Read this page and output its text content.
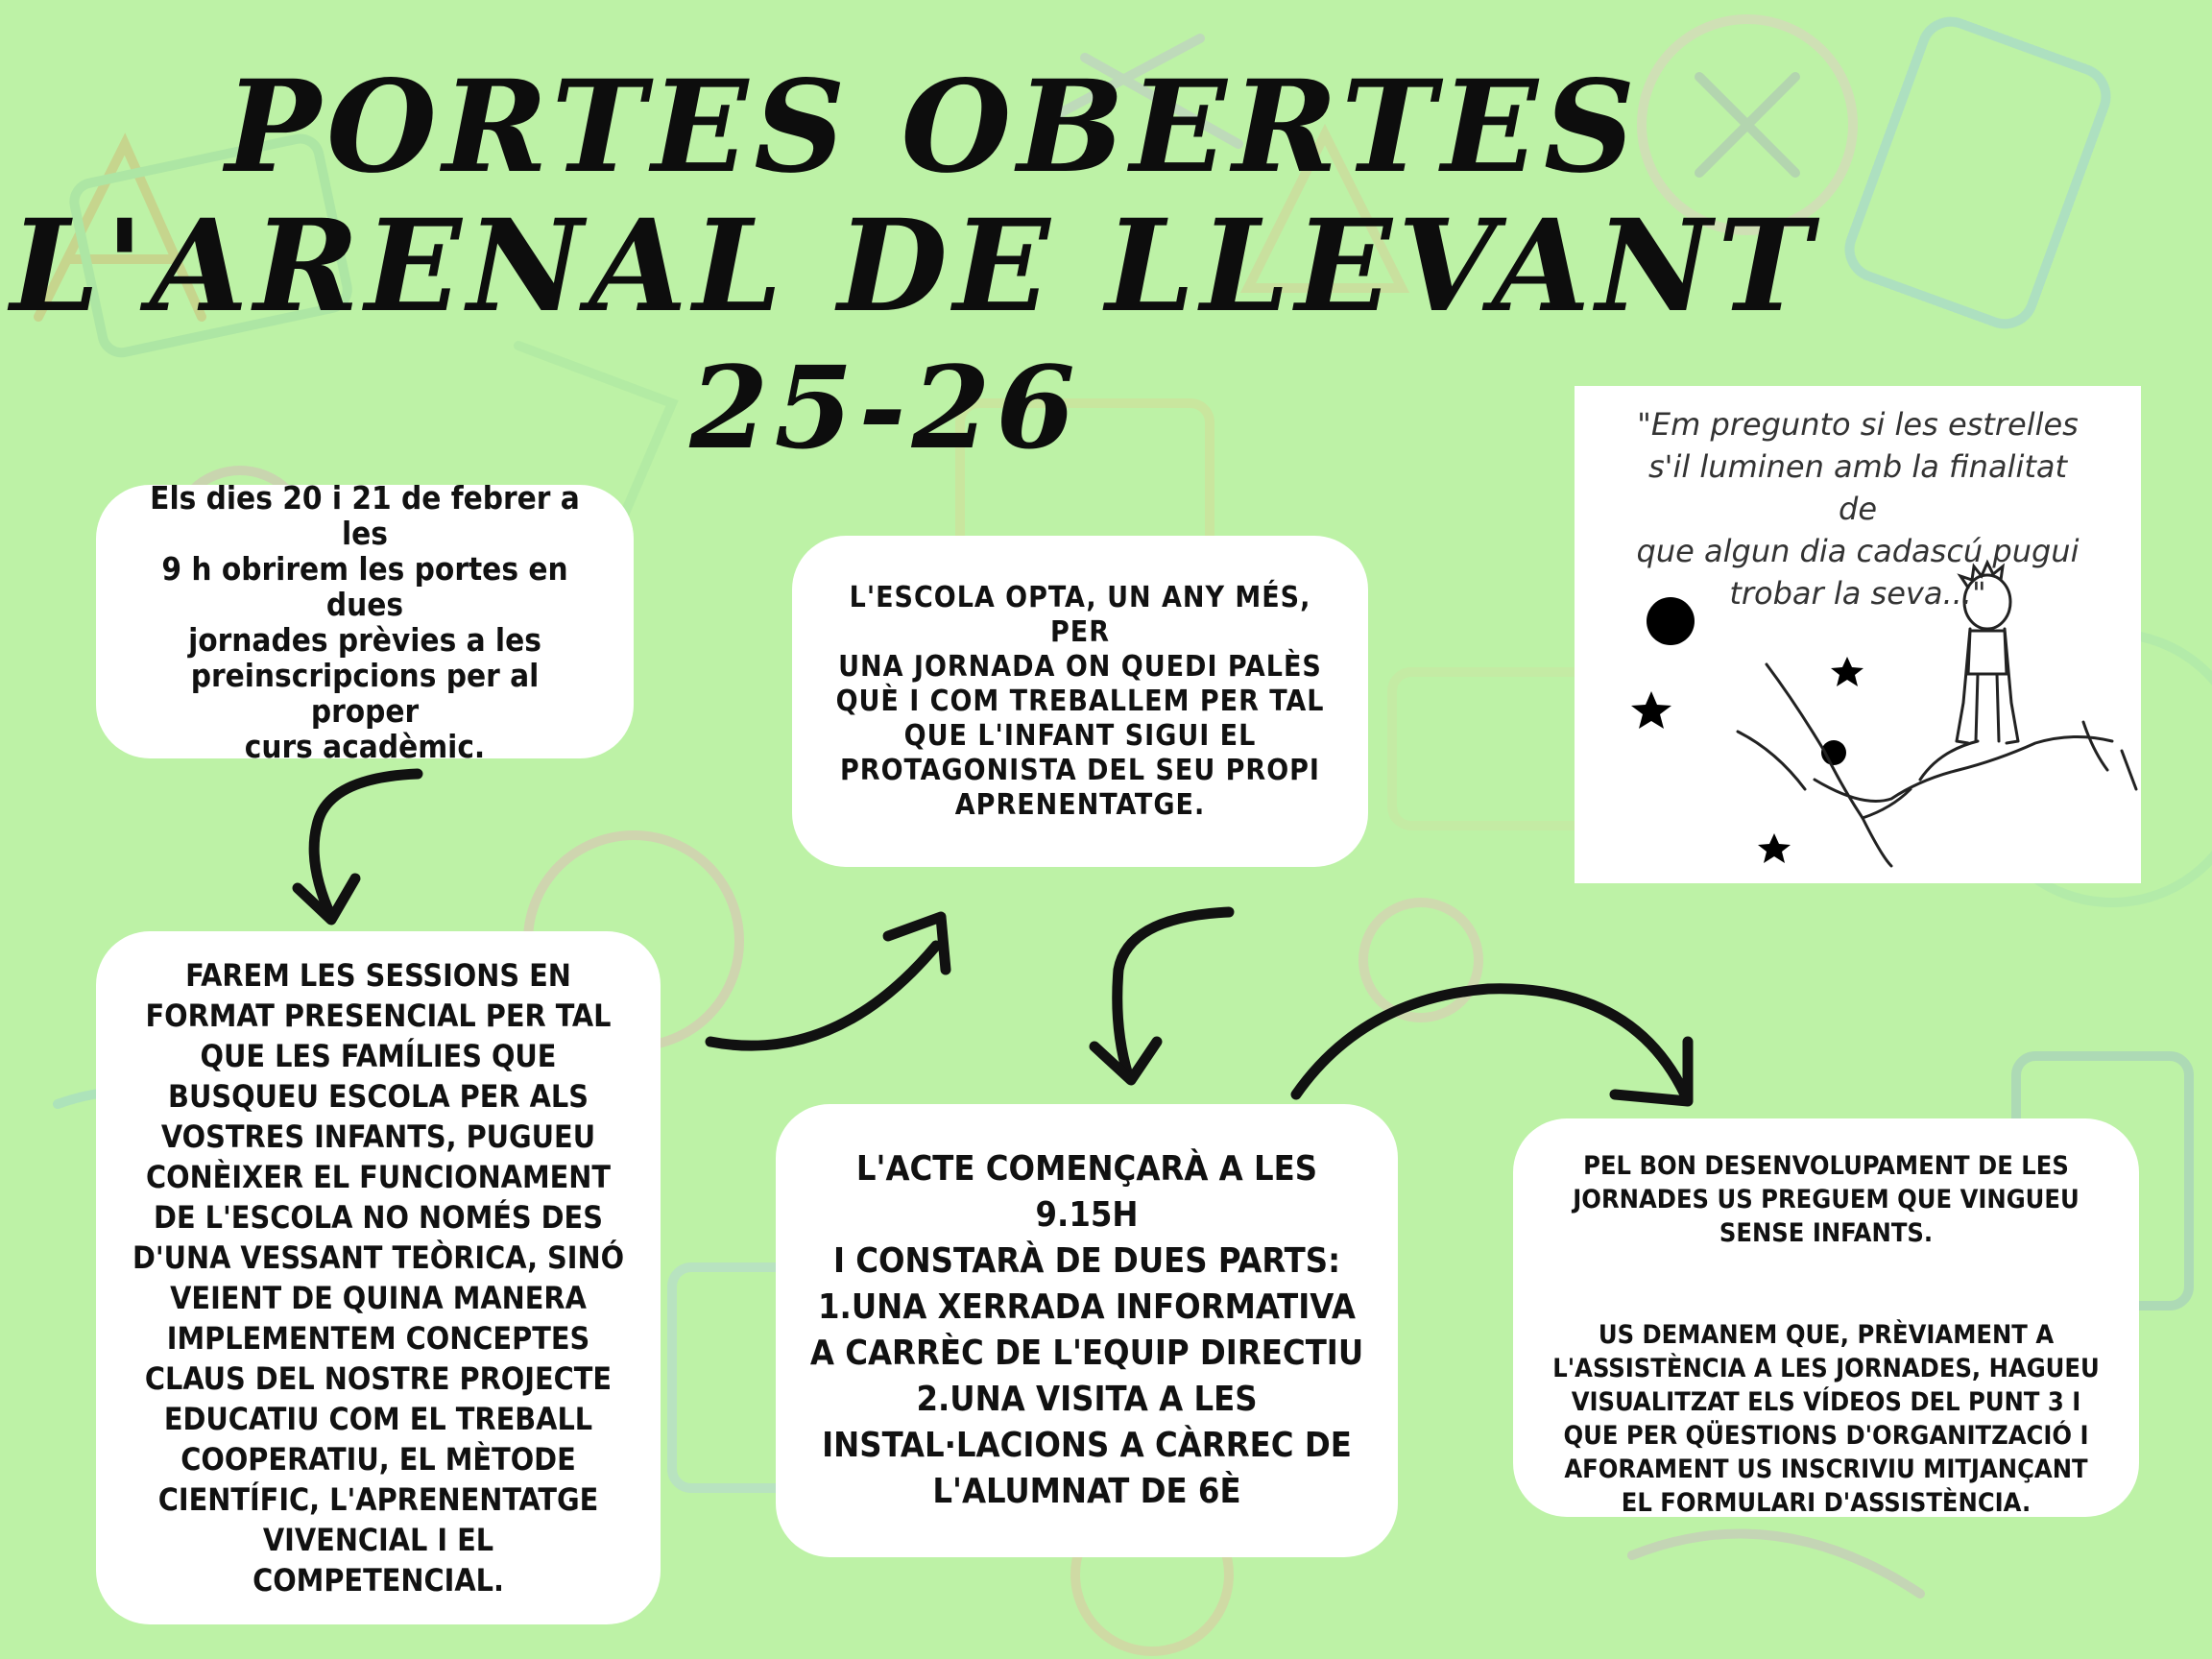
PORTES OBERTES
L'ARENAL DE LLEVANT
25-26

Els dies 20 i 21 de febrer a les
9 h obrirem les portes en dues
jornades prèvies a les
preinscripcions per al proper
curs acadèmic.

L'ESCOLA OPTA, UN ANY MÉS, PER
UNA JORNADA ON QUEDI PALÈS
QUÈ I COM TREBALLEM PER TAL
QUE L'INFANT SIGUI EL
PROTAGONISTA DEL SEU PROPI
APRENENTATGE.

FAREM LES SESSIONS EN
FORMAT PRESENCIAL PER TAL
QUE LES FAMÍLIES QUE
BUSQUEU ESCOLA PER ALS
VOSTRES INFANTS, PUGUEU
CONÈIXER EL FUNCIONAMENT
DE L'ESCOLA NO NOMÉS DES
D'UNA VESSANT TEÒRICA, SINÓ
VEIENT DE QUINA MANERA
IMPLEMENTEM CONCEPTES
CLAUS DEL NOSTRE PROJECTE
EDUCATIU COM EL TREBALL
COOPERATIU, EL MÈTODE
CIENTÍFIC, L'APRENENTATGE
VIVENCIAL I EL
COMPETENCIAL.

L'ACTE COMENÇARÀ A LES 9.15H
I CONSTARÀ DE DUES PARTS:
1.UNA XERRADA INFORMATIVA
A CARRÈC DE L'EQUIP DIRECTIU
2.UNA VISITA A LES
INSTAL·LACIONS A CÀRREC DE
L'ALUMNAT DE 6È

PEL BON DESENVOLUPAMENT DE LES
JORNADES US PREGUEM QUE VINGUEU
SENSE INFANTS.

US DEMANEM QUE, PRÈVIAMENT A
L'ASSISTÈNCIA A LES JORNADES, HAGUEU
VISUALITZAT ELS VÍDEOS DEL PUNT 3 I
QUE PER QÜESTIONS D'ORGANITZACIÓ I
AFORAMENT US INSCRIVIU MITJANÇANT
EL FORMULARI D'ASSISTÈNCIA.

"Em pregunto si les estrelles
s'il luminen amb la finalitat de
que algun dia cadascú pugui
trobar la seva..."
